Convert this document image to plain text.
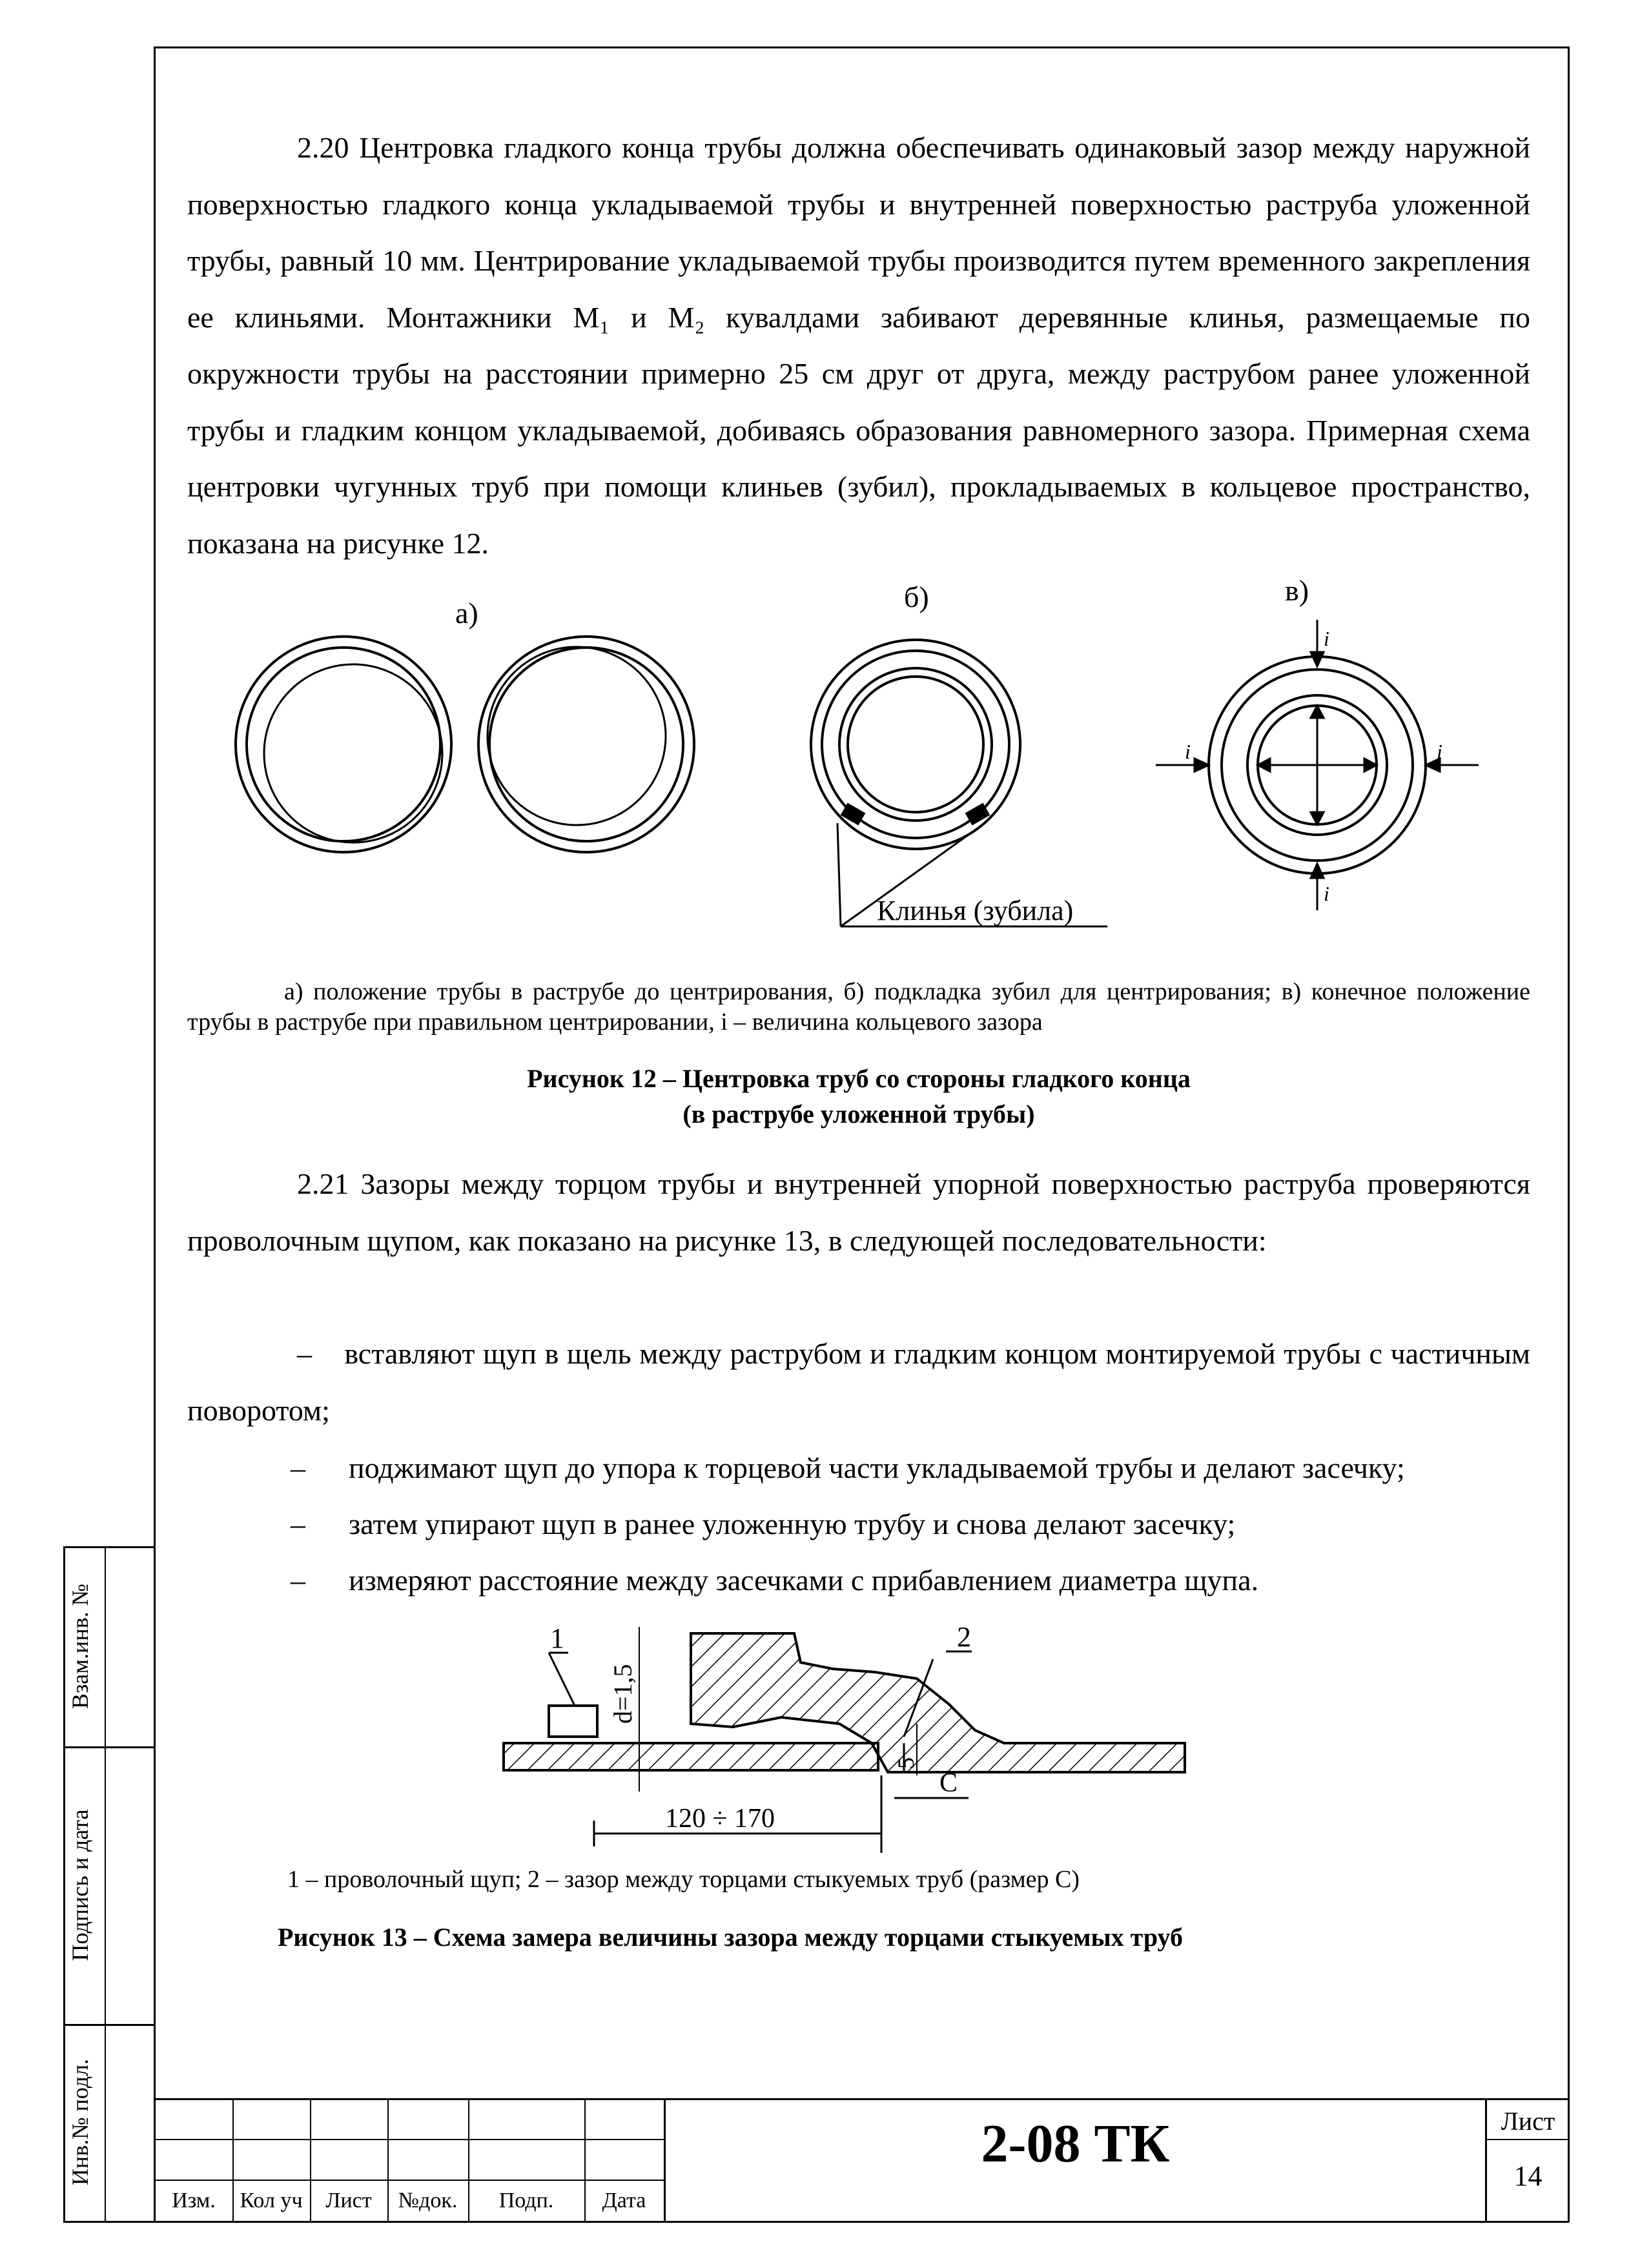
2.20 Центровка гладкого конца трубы должна обеспечивать одинаковый зазор между наружной поверхностью гладкого конца укладываемой трубы и внутренней поверхностью раструба уложенной трубы, равный 10 мм. Центрирование укладываемой трубы производится путем временного закрепления ее клиньями. Монтажники М₁ и М₂ кувалдами забивают деревянные клинья, размещаемые по окружности трубы на расстоянии примерно 25 см друг от друга, между раструбом ранее уложенной трубы и гладким концом укладываемой, добиваясь образования равномерного зазора. Примерная схема центровки чугунных труб при помощи клиньев (зубил), прокладываемых в кольцевое пространство, показана на рисунке 12.

а)	б)	в)
Клинья (зубила)
i
i	i
i
а) положение трубы в раструбе до центрирования, б) подкладка зубил для центрирования; в) конечное положение трубы в раструбе при правильном центрировании, i – величина кольцевого зазора
Рисунок 12 – Центровка труб со стороны гладкого конца
(в раструбе уложенной трубы)

2.21 Зазоры между торцом трубы и внутренней упорной поверхностью раструба проверяются проволочным щупом, как показано на рисунке 13, в следующей последовательности:

– вставляют щуп в щель между раструбом и гладким концом монтируемой трубы с частичным поворотом;

– поджимают щуп до упора к торцевой части укладываемой трубы и делают засечку;
– затем упирают щуп в ранее уложенную трубу и снова делают засечку;
– измеряют расстояние между засечками с прибавлением диаметра щупа.
1
d=1,5
2
120 ÷ 170
5
С
1 – проволочный щуп; 2 – зазор между торцами стыкуемых труб (размер С)
Рисунок 13 – Схема замера величины зазора между торцами стыкуемых труб
Взам.инв. №
Подпись и дата
Инв.№ подл.
Изм.	Кол уч	Лист	№док.	Подп.	Дата
2-08 ТК	Лист
14
